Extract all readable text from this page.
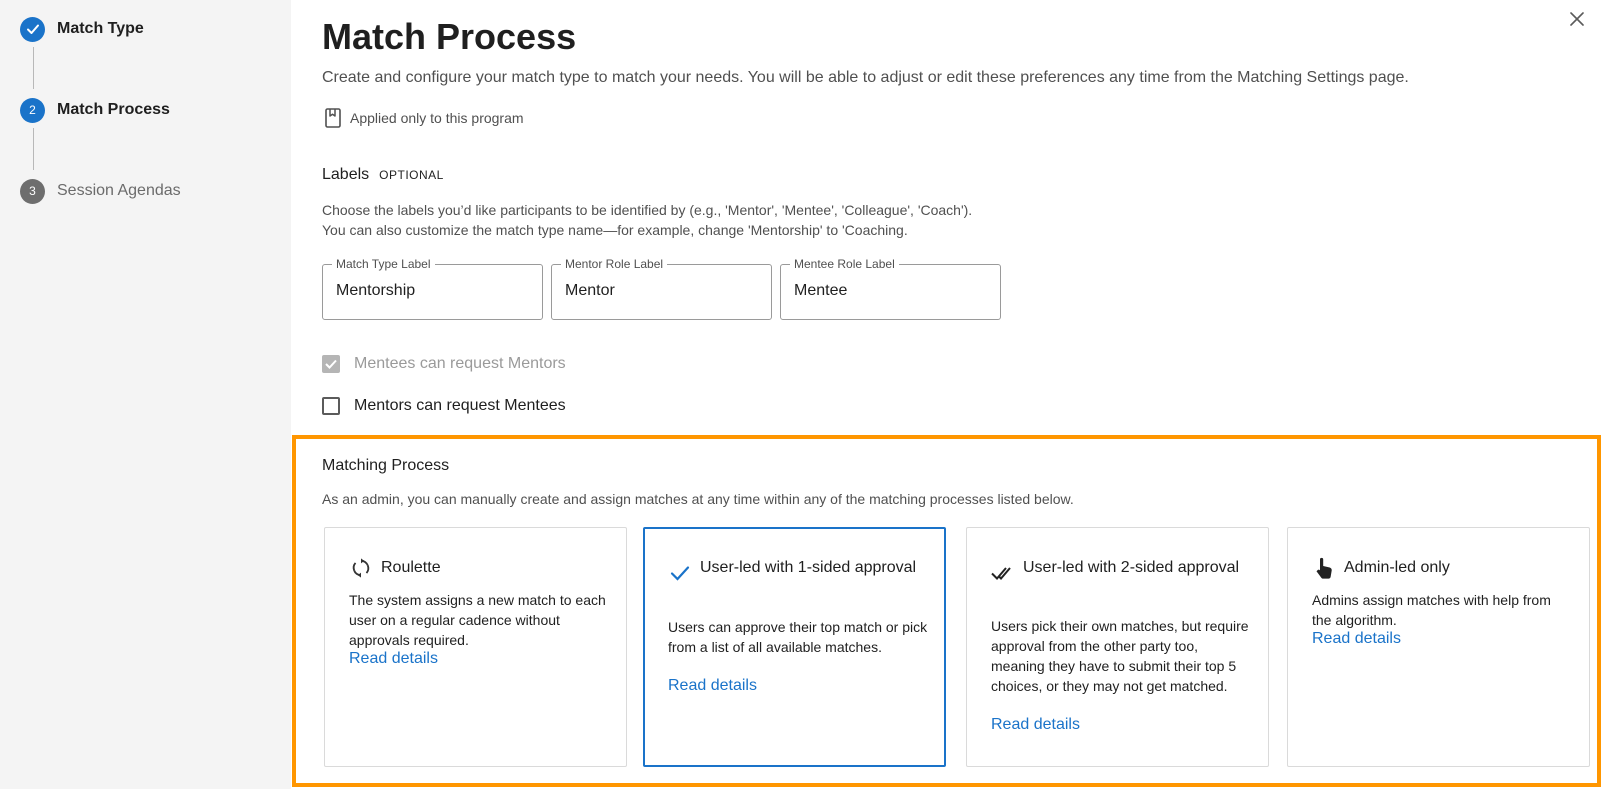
Match Type
2	Match Process
3	Session Agendas
Match Process

Create and configure your match type to match your needs. You will be able to adjust or edit these preferences any time from the Matching Settings page.

Applied only to this program
Labels OPTIONAL
Choose the labels you’d like participants to be identified by (e.g., 'Mentor', 'Mentee', 'Colleague', 'Coach').
You can also customize the match type name—for example, change 'Mentorship' to 'Coaching.
Match Type Label
Mentorship	Mentor Role Label
Mentor	Mentee Role Label
Mentee
Mentees can request Mentors
Mentors can request Mentees
Matching Process
As an admin, you can manually create and assign matches at any time within any of the matching processes listed below.
Roulette
The system assigns a new match to each user on a regular cadence without approvals required.
Read details
User-led with 1-sided approval
Users can approve their top match or pick from a list of all available matches.
Read details
User-led with 2-sided approval
Users pick their own matches, but require approval from the other party too, meaning they have to submit their top 5 choices, or they may not get matched.
Read details
Admin-led only
Admins assign matches with help from the algorithm.
Read details
